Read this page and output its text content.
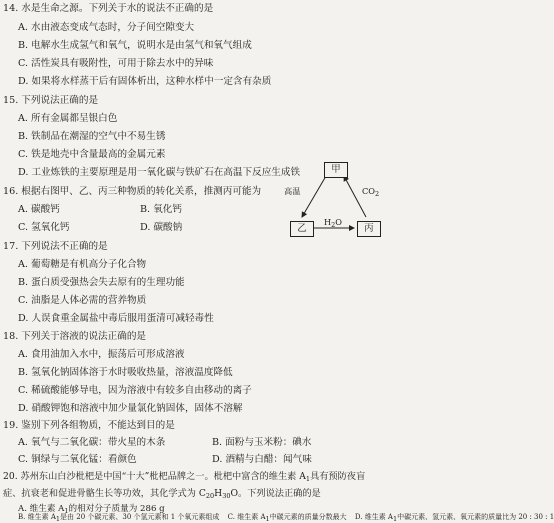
14. 水是生命之源。下列关于水的说法不正确的是
A. 水由液态变成气态时，分子间空隙变大
B. 电解水生成氢气和氧气，说明水是由氢气和氧气组成
C. 活性炭具有吸附性，可用于除去水中的异味
D. 如果将水样蒸干后有固体析出，这种水样中一定含有杂质
15. 下列说法正确的是
A. 所有金属都呈银白色
B. 铁制品在潮湿的空气中不易生锈
C. 铁是地壳中含量最高的金属元素
D. 工业炼铁的主要原理是用一氧化碳与铁矿石在高温下反应生成铁
16. 根据右图甲、乙、丙三种物质的转化关系，推测丙可能为
A. 碳酸钙	B. 氧化钙
C. 氢氧化钙	D. 碳酸钠
甲
乙	丙
高温	$CO_2$
$H_2O$
17. 下列说法不正确的是
A. 葡萄糖是有机高分子化合物
B. 蛋白质受强热会失去原有的生理功能
C. 油脂是人体必需的营养物质
D. 人误食重金属盐中毒后服用蛋清可减轻毒性
18. 下列关于溶液的说法正确的是
A. 食用油加入水中，振荡后可形成溶液
B. 氢氧化钠固体溶于水时吸收热量，溶液温度降低
C. 稀硫酸能够导电，因为溶液中有较多自由移动的离子
D. 硝酸钾饱和溶液中加少量氯化钠固体，固体不溶解
19. 鉴别下列各组物质，不能达到目的是
A. 氧气与二氧化碳：带火星的木条	B. 面粉与玉米粉：碘水
C. 铜绿与二氧化锰：看颜色	D. 酒精与白醋：闻气味
20. 苏州东山白沙枇杷是中国“十大”枇杷品牌之一。枇杷中富含的维生素 $A_1$具有预防夜盲
症、抗衰老和促进骨骼生长等功效，其化学式为 $C_{20}H_{30}O$。下列说法正确的是
A. 维生素 $A_1$的相对分子质量为 286 g
B. 维生素 A1是由 20 个碳元素、30 个氢元素和 1 个氧元素组成 C. 维生素 A1中碳元素的质量分数最大 D. 维生素 A1中碳元素、氢元素、氧元素的质量比为 20 : 30 : 1
